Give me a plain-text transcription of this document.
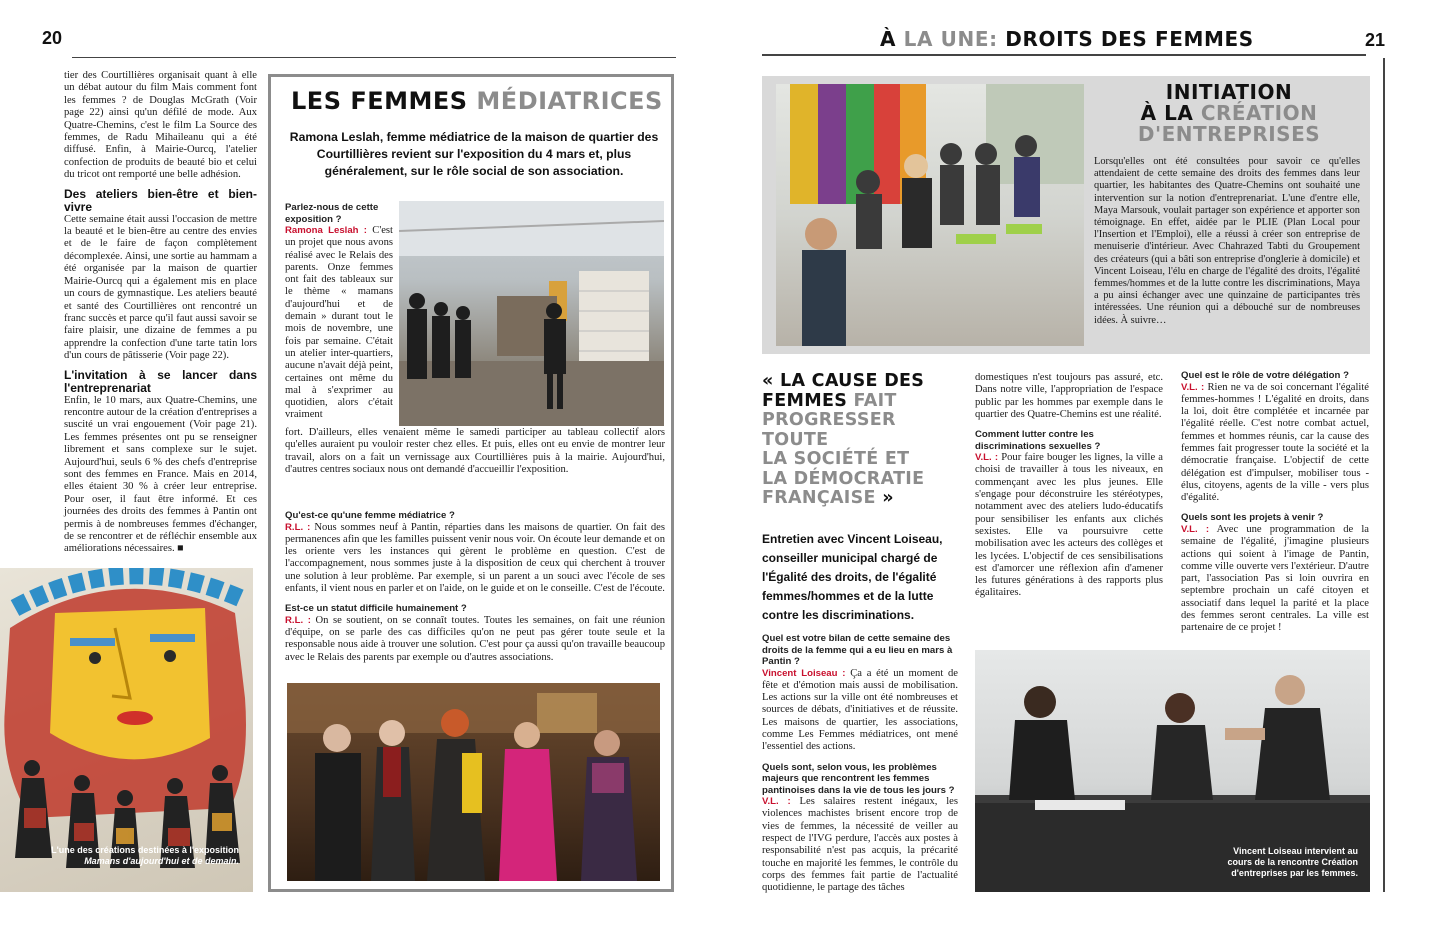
20

tier des Courtillières organisait quant à elle un débat autour du film Mais comment font les femmes ? de Douglas McGrath (Voir page 22) ainsi qu'un défilé de mode. Aux Quatre-Chemins, c'est le film La Source des femmes, de Radu Mihaileanu qui a été diffusé. Enfin, à Mairie-Ourcq, l'atelier confection de produits de beauté bio et celui du tricot ont remporté une belle adhésion.

Des ateliers bien-être et bien-vivre

Cette semaine était aussi l'occasion de mettre la beauté et le bien-être au centre des envies et de le faire de façon complètement décomplexée. Ainsi, une sortie au hammam a été organisée par la maison de quartier Mairie-Ourcq qui a également mis en place un cours de gymnastique. Les ateliers beauté et santé des Courtillières ont rencontré un franc succès et parce qu'il faut aussi savoir se faire plaisir, une dizaine de femmes a pu apprendre la confection d'une tarte tatin lors d'un cours de pâtisserie (Voir page 22).

L'invitation à se lancer dans l'entreprenariat

Enfin, le 10 mars, aux Quatre-Chemins, une rencontre autour de la création d'entreprises a suscité un vrai engouement (Voir page 21). Les femmes présentes ont pu se renseigner librement et sans complexe sur le sujet. Aujourd'hui, seuls 6 % des chefs d'entreprise sont des femmes en France. Mais en 2014, elles étaient 30 % à créer leur entreprise. Pour oser, il faut être informé. Et ces journées des droits des femmes à Pantin ont permis à de nombreuses femmes d'échanger, de se rencontrer et de réfléchir ensemble aux améliorations nécessaires. ■

L'une des créations destinées à l'exposition
Mamans d'aujourd'hui et de demain.
LES FEMMES MÉDIATRICES
Ramona Leslah, femme médiatrice de la maison de quartier des Courtillières revient sur l'exposition du 4 mars et, plus généralement, sur le rôle social de son association.
Parlez-nous de cette exposition ?
Ramona Leslah : C'est un projet que nous avons réalisé avec le Relais des parents. Onze femmes ont fait des tableaux sur le thème « mamans d'aujourd'hui et de demain » durant tout le mois de novembre, une fois par semaine. C'était un atelier inter-quartiers, aucune n'avait déjà peint, certaines ont même du mal à s'exprimer au quotidien, alors c'était vraiment
fort. D'ailleurs, elles venaient même le samedi participer au tableau collectif alors qu'elles auraient pu vouloir rester chez elles. Et puis, elles ont eu envie de montrer leur travail, alors on a fait un vernissage aux Courtillières puis à la mairie. Aujourd'hui, d'autres centres sociaux nous ont demandé d'accueillir l'exposition.
Qu'est-ce qu'une femme médiatrice ?
R.L. : Nous sommes neuf à Pantin, réparties dans les maisons de quartier. On fait des permanences afin que les familles puissent venir nous voir. On écoute leur demande et on les oriente vers les instances qui gèrent le problème en question. C'est de l'accompagnement, nous sommes juste à la disposition de ceux qui cherchent à trouver une solution à leur problème. Par exemple, si un parent a un souci avec l'école de ses enfants, il vient nous en parler et on l'aide, on le guide et on le conseille. C'est de l'écoute.
Est-ce un statut difficile humainement ?
R.L. : On se soutient, on se connaît toutes. Toutes les semaines, on fait une réunion d'équipe, on se parle des cas difficiles qu'on ne peut pas gérer toute seule et la responsable nous aide à trouver une solution. C'est pour ça aussi qu'on travaille beaucoup avec le Relais des parents par exemple ou d'autres associations.
À LA UNE: DROITS DES FEMMES	21
INITIATION
À LA CRÉATION
D'ENTREPRISES
Lorsqu'elles ont été consultées pour savoir ce qu'elles attendaient de cette semaine des droits des femmes dans leur quartier, les habitantes des Quatre-Chemins ont souhaité une intervention sur la notion d'entreprenariat. L'une d'entre elle, Maya Marsouk, voulait partager son expérience et apporter son témoignage. En effet, aidée par le PLIE (Plan Local pour l'Insertion et l'Emploi), elle a réussi à créer son entreprise de menuiserie d'intérieur. Avec Chahrazed Tabti du Groupement des créateurs (qui a bâti son entreprise d'onglerie à domicile) et Vincent Loiseau, l'élu en charge de l'égalité des droits, l'égalité femmes/hommes et de la lutte contre les discriminations, Maya a pu ainsi échanger avec une quinzaine de participantes très intéressées. Une réunion qui a débouché sur de nombreuses idées. À suivre…
« LA CAUSE DES
FEMMES FAIT
PROGRESSER
TOUTE
LA SOCIÉTÉ ET
LA DÉMOCRATIE
FRANÇAISE »
Entretien avec Vincent Loiseau, conseiller municipal chargé de l'Égalité des droits, de l'égalité femmes/hommes et de la lutte contre les discriminations.
Quel est votre bilan de cette semaine des droits de la femme qui a eu lieu en mars à Pantin ?
Vincent Loiseau : Ça a été un moment de fête et d'émotion mais aussi de mobilisation. Les actions sur la ville ont été nombreuses et sources de débats, d'initiatives et de réussite. Les maisons de quartier, les associations, comme Les Femmes médiatrices, ont mené l'essentiel des actions.
Quels sont, selon vous, les problèmes majeurs que rencontrent les femmes pantinoises dans la vie de tous les jours ?
V.L. : Les salaires restent inégaux, les violences machistes brisent encore trop de vies de femmes, la nécessité de veiller au respect de l'IVG perdure, l'accès aux postes à responsabilité n'est pas acquis, la précarité touche en majorité les femmes, le contrôle du corps des femmes fait partie de l'actualité quotidienne, le partage des tâches
domestiques n'est toujours pas assuré, etc. Dans notre ville, l'appropriation de l'espace public par les hommes par exemple dans le quartier des Quatre-Chemins est une réalité.
Comment lutter contre les discriminations sexuelles ?
V.L. : Pour faire bouger les lignes, la ville a choisi de travailler à tous les niveaux, en commençant avec les plus jeunes. Elle s'engage pour déconstruire les stéréotypes, notamment avec des ateliers ludo-éducatifs pour sensibiliser les enfants aux clichés sexistes. Elle va poursuivre cette mobilisation avec les acteurs des collèges et les lycées. L'objectif de ces sensibilisations est d'amorcer une réflexion afin d'amener les futures générations à des rapports plus égalitaires.
Quel est le rôle de votre délégation ?
V.L. : Rien ne va de soi concernant l'égalité femmes-hommes ! L'égalité en droits, dans la loi, doit être complétée et incarnée par l'égalité réelle. C'est notre combat actuel, femmes et hommes réunis, car la cause des femmes fait progresser toute la société et la démocratie française. L'objectif de cette délégation est d'impulser, mobiliser tous - élus, citoyens, agents de la ville - vers plus d'égalité.
Quels sont les projets à venir ?
V.L. : Avec une programmation de la semaine de l'égalité, j'imagine plusieurs actions qui soient à l'image de Pantin, comme ville ouverte vers l'extérieur. D'autre part, l'association Pas si loin ouvrira en septembre prochain un café citoyen et associatif dans lequel la parité et la place des femmes seront centrales. La ville est partenaire de ce projet !
Vincent Loiseau intervient au
cours de la rencontre Création
d'entreprises par les femmes.
